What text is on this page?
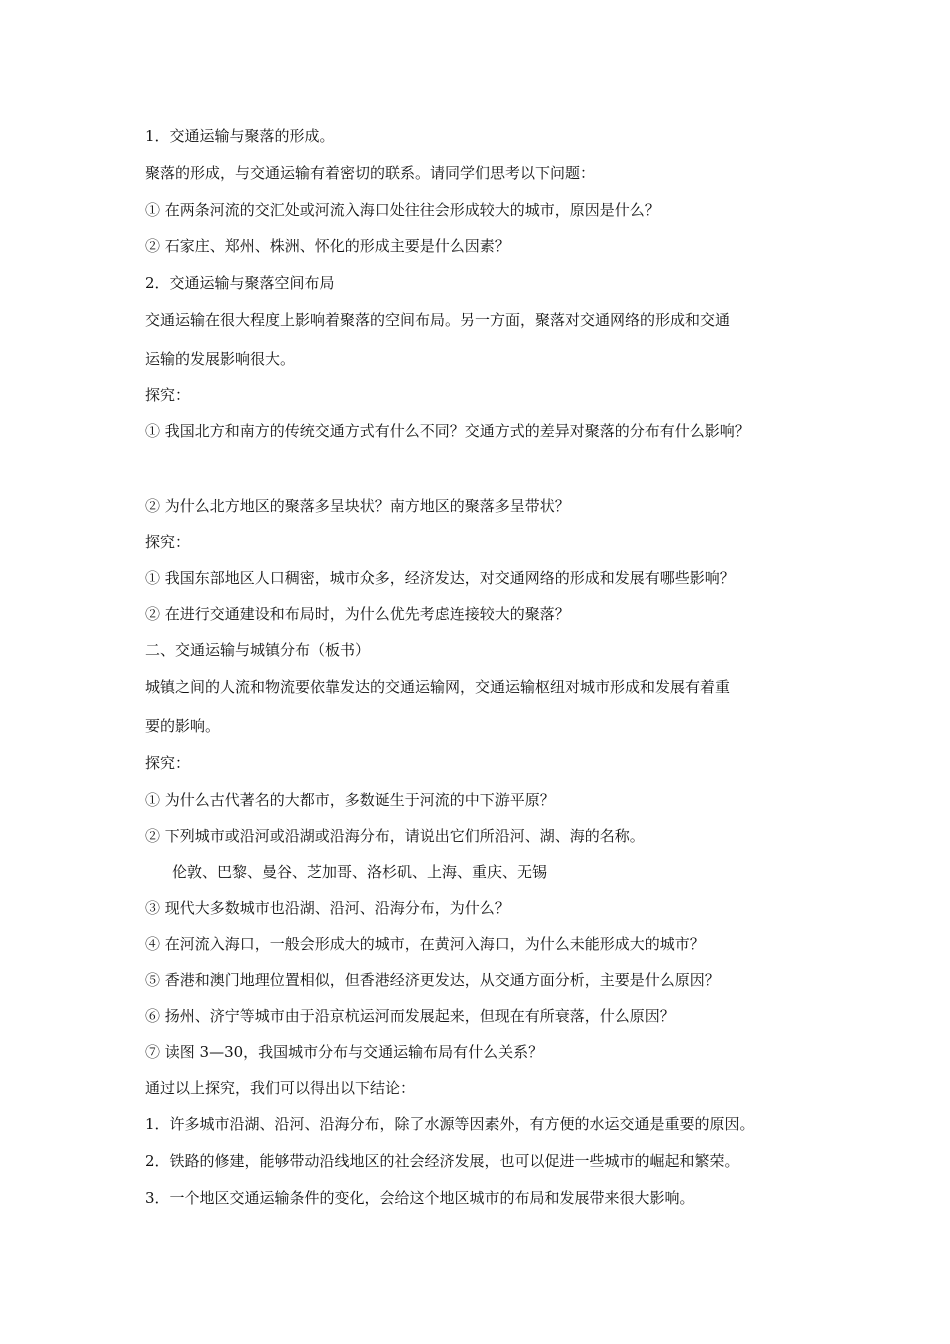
1．交通运输与聚落的形成。
聚落的形成，与交通运输有着密切的联系。请同学们思考以下问题：
① 在两条河流的交汇处或河流入海口处往往会形成较大的城市，原因是什么？
② 石家庄、郑州、株洲、怀化的形成主要是什么因素？
2．交通运输与聚落空间布局
交通运输在很大程度上影响着聚落的空间布局。另一方面，聚落对交通网络的形成和交通
运输的发展影响很大。
探究：
① 我国北方和南方的传统交通方式有什么不同？交通方式的差异对聚落的分布有什么影响？
② 为什么北方地区的聚落多呈块状？南方地区的聚落多呈带状？
探究：
① 我国东部地区人口稠密，城市众多，经济发达，对交通网络的形成和发展有哪些影响？
② 在进行交通建设和布局时，为什么优先考虑连接较大的聚落？
二、交通运输与城镇分布（板书）
城镇之间的人流和物流要依靠发达的交通运输网，交通运输枢纽对城市形成和发展有着重
要的影响。
探究：
① 为什么古代著名的大都市，多数诞生于河流的中下游平原？
② 下列城市或沿河或沿湖或沿海分布，请说出它们所沿河、湖、海的名称。
伦敦、巴黎、曼谷、芝加哥、洛杉矶、上海、重庆、无锡
③ 现代大多数城市也沿湖、沿河、沿海分布，为什么？
④ 在河流入海口，一般会形成大的城市，在黄河入海口，为什么未能形成大的城市？
⑤ 香港和澳门地理位置相似，但香港经济更发达，从交通方面分析，主要是什么原因？
⑥ 扬州、济宁等城市由于沿京杭运河而发展起来，但现在有所衰落，什么原因？
⑦ 读图 3—30，我国城市分布与交通运输布局有什么关系？
通过以上探究，我们可以得出以下结论：
1．许多城市沿湖、沿河、沿海分布，除了水源等因素外，有方便的水运交通是重要的原因。
2．铁路的修建，能够带动沿线地区的社会经济发展，也可以促进一些城市的崛起和繁荣。
3．一个地区交通运输条件的变化，会给这个地区城市的布局和发展带来很大影响。
